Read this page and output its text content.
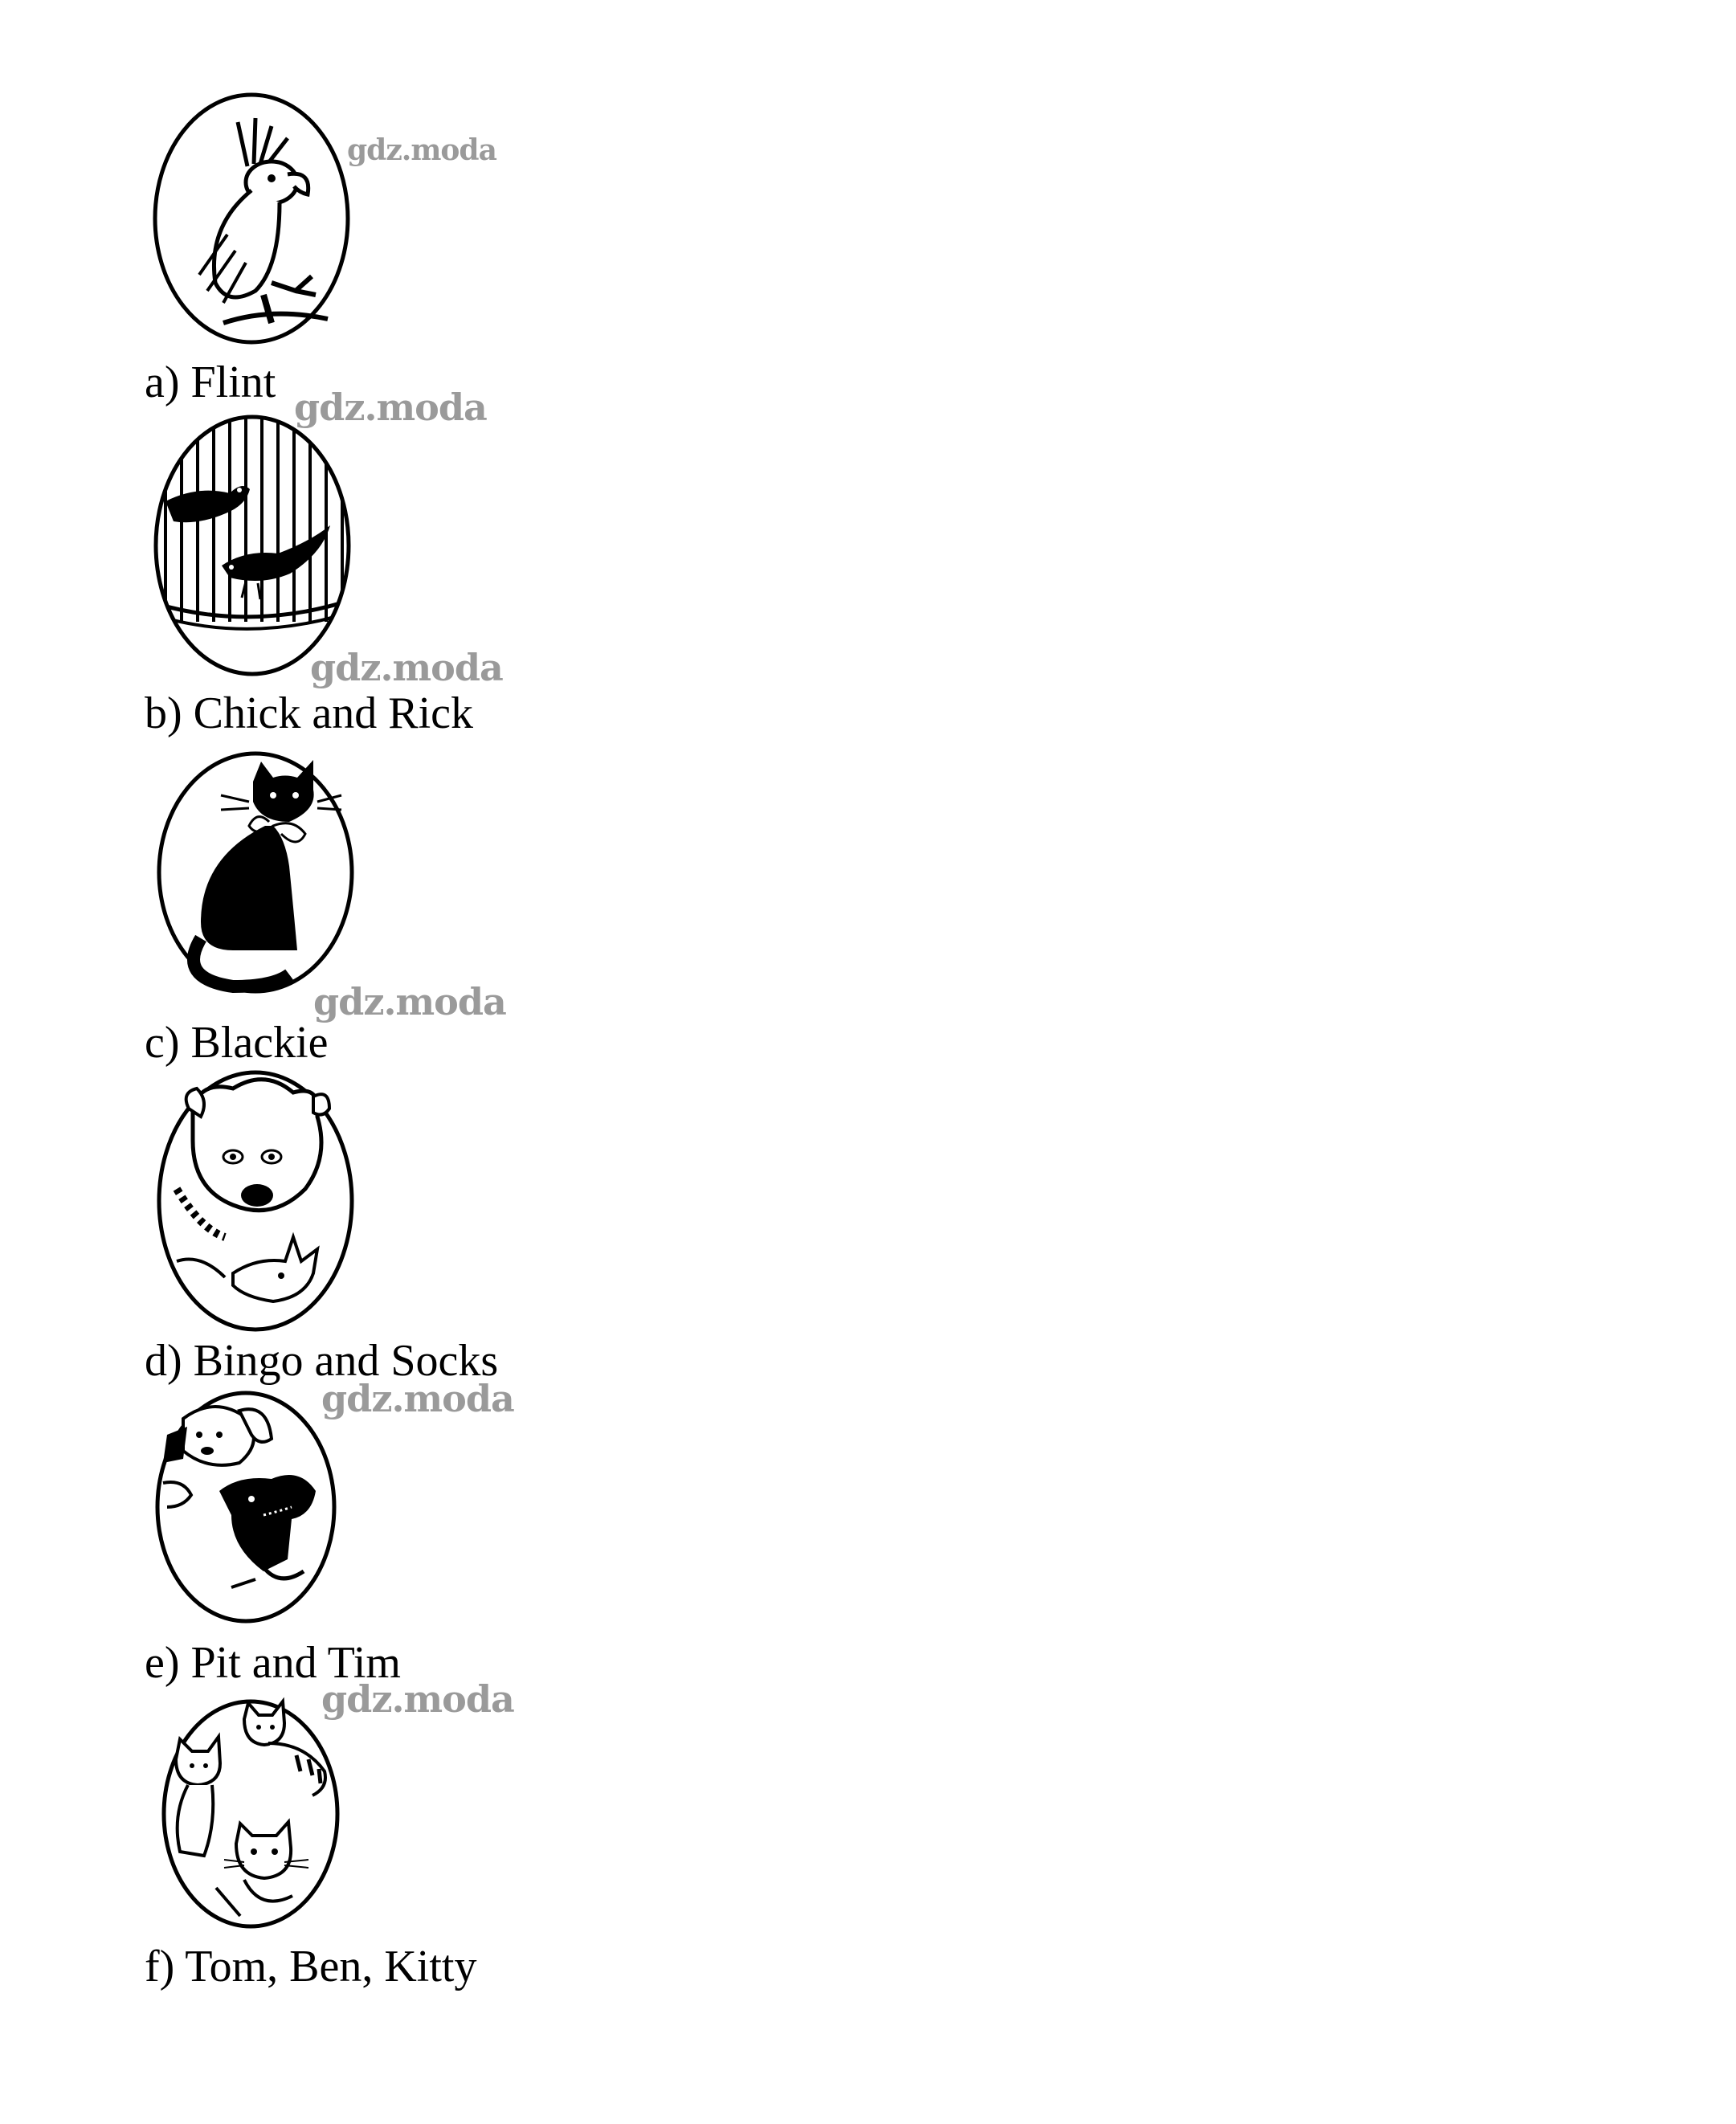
gdz.moda
a) Flint gdz.moda
gdz.moda
b) Chick and Rick
gdz.moda
c) Blackie
d) Bingo and Socks
gdz.moda
e) Pit and Tim
gdz.moda
f) Tom, Ben, Kitty
